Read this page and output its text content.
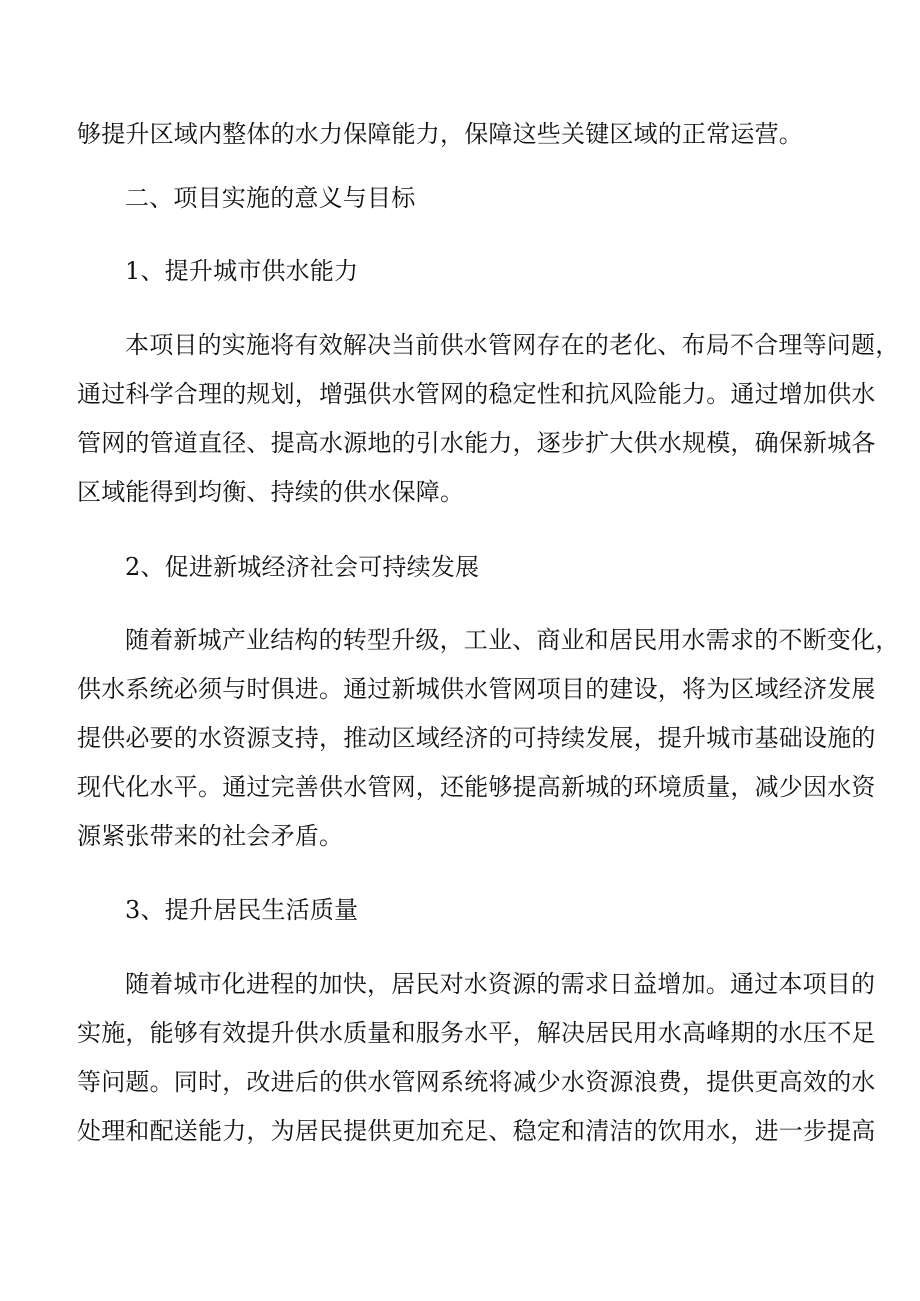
够提升区域内整体的水力保障能力，保障这些关键区域的正常运营。
二、项目实施的意义与目标
1、提升城市供水能力
本项目的实施将有效解决当前供水管网存在的老化、布局不合理等问题，
通过科学合理的规划，增强供水管网的稳定性和抗风险能力。通过增加供水
管网的管道直径、提高水源地的引水能力，逐步扩大供水规模，确保新城各
区域能得到均衡、持续的供水保障。
2、促进新城经济社会可持续发展
随着新城产业结构的转型升级，工业、商业和居民用水需求的不断变化，
供水系统必须与时俱进。通过新城供水管网项目的建设，将为区域经济发展
提供必要的水资源支持，推动区域经济的可持续发展，提升城市基础设施的
现代化水平。通过完善供水管网，还能够提高新城的环境质量，减少因水资
源紧张带来的社会矛盾。
3、提升居民生活质量
随着城市化进程的加快，居民对水资源的需求日益增加。通过本项目的
实施，能够有效提升供水质量和服务水平，解决居民用水高峰期的水压不足
等问题。同时，改进后的供水管网系统将减少水资源浪费，提供更高效的水
处理和配送能力，为居民提供更加充足、稳定和清洁的饮用水，进一步提高
